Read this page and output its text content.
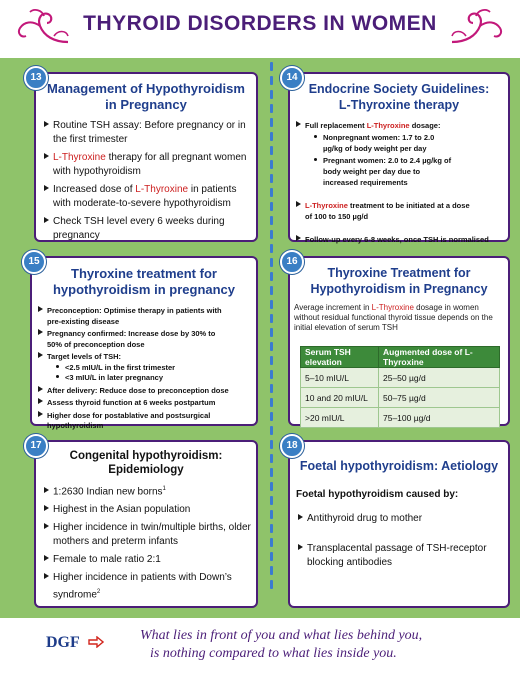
THYROID DISORDERS IN WOMEN
Management of Hypothyroidism
in Pregnancy
Routine TSH assay: Before pregnancy or in
the first trimester
L-Thyroxine therapy for all pregnant women
with hypothyroidism
Increased dose of L-Thyroxine in patients
with moderate-to-severe hypothyroidism
Check TSH level every 6 weeks during
pregnancy
13
Endocrine Society Guidelines:
L-Thyroxine therapy
Full replacement L-Thyroxine dosage:
Nonpregnant women: 1.7 to 2.0
µg/kg of body weight per day
Pregnant women: 2.0 to 2.4 µg/kg of
body weight per day due to
increased requirements
L-Thyroxine treatment to be initiated at a dose
of 100 to 150 µg/d
Follow-up every 6-8 weeks, once TSH is normalised
14
Thyroxine treatment for
hypothyroidism in pregnancy
Preconception: Optimise therapy in patients with
pre-existing disease
Pregnancy confirmed: Increase dose by 30% to
50% of preconception dose
Target levels of TSH:
<2.5 mIU/L in the first trimester
<3 mIU/L in later pregnancy
After delivery: Reduce dose to preconception dose
Assess thyroid function at 6 weeks postpartum
Higher dose for postablative and postsurgical
hypothyroidism
15
Thyroxine Treatment for
Hypothyroidism in Pregnancy
Average increment in L-Thyroxine dosage in women
without residual functional thyroid tissue depends on the
initial elevation of serum TSH
Serum TSH elevation	Augmented dose of L-Thyroxine
5–10 mIU/L	25–50 µg/d
10 and 20 mIU/L	50–75 µg/d
>20 mIU/L	75–100 µg/d
16
Congenital hypothyroidism:
Epidemiology
1:2630 Indian new borns$^1$
Highest in the Asian population
Higher incidence in twin/multiple births, older
mothers and preterm infants
Female to male ratio 2:1
Higher incidence in patients with Down’s
syndrome$^2$
17
Foetal hypothyroidism: Aetiology
Foetal hypothyroidism caused by:
Antithyroid drug to mother
Transplacental passage of TSH-receptor
blocking antibodies
18
DGF	What lies in front of you and what lies behind you,
is nothing compared to what lies inside you.
